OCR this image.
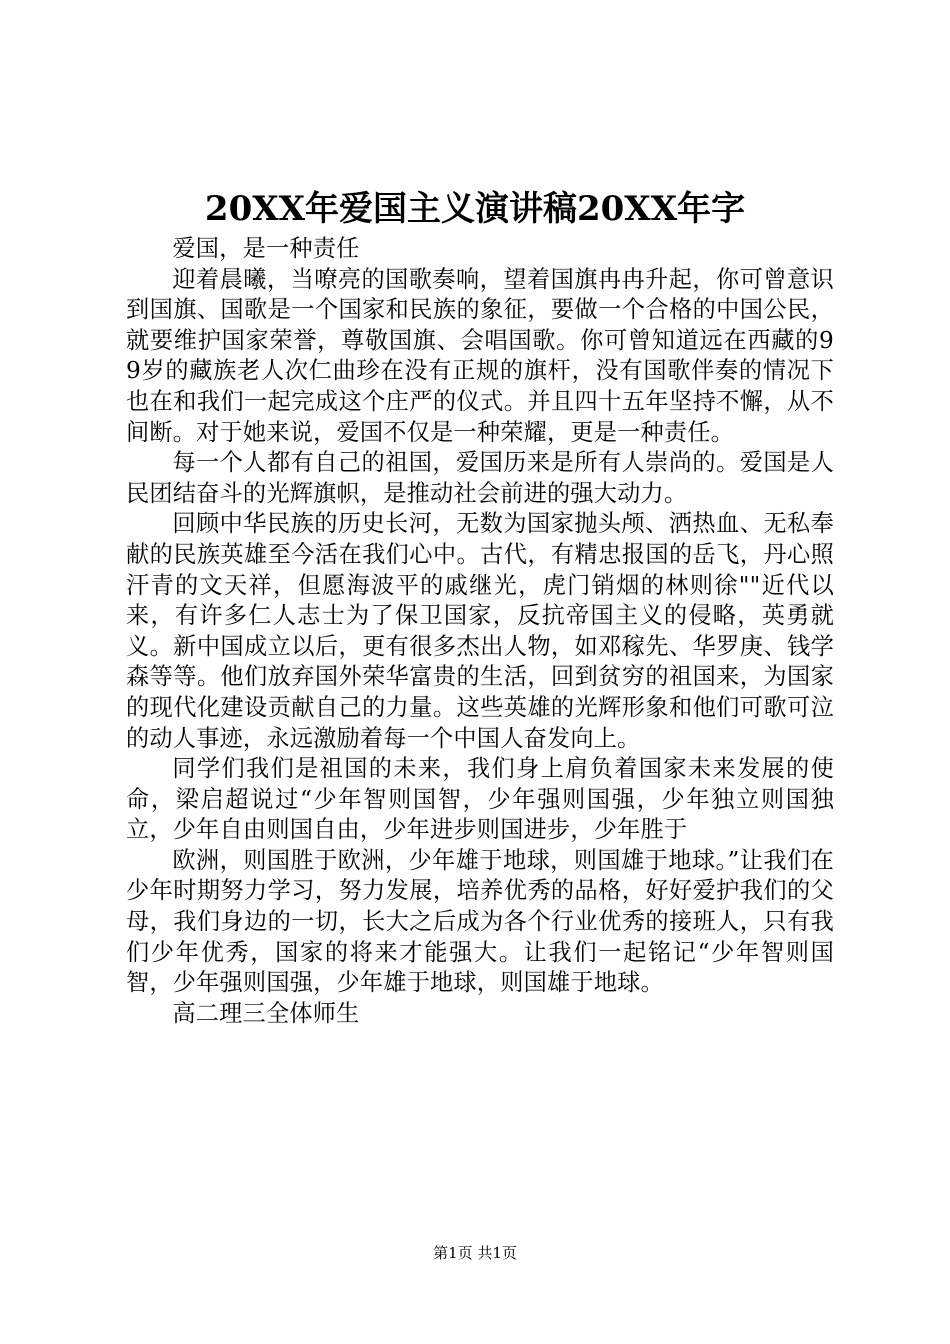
20XX年爱国主义演讲稿20XX年字

爱国，是一种责任

迎着晨曦，当嘹亮的国歌奏响，望着国旗冉冉升起，你可曾意识到国旗、国歌是一个国家和民族的象征，要做一个合格的中国公民，就要维护国家荣誉，尊敬国旗、会唱国歌。你可曾知道远在西藏的99岁的藏族老人次仁曲珍在没有正规的旗杆，没有国歌伴奏的情况下也在和我们一起完成这个庄严的仪式。并且四十五年坚持不懈，从不间断。对于她来说，爱国不仅是一种荣耀，更是一种责任。

每一个人都有自己的祖国，爱国历来是所有人崇尚的。爱国是人民团结奋斗的光辉旗帜，是推动社会前进的强大动力。

回顾中华民族的历史长河，无数为国家抛头颅、洒热血、无私奉献的民族英雄至今活在我们心中。古代，有精忠报国的岳飞，丹心照汗青的文天祥，但愿海波平的戚继光，虎门销烟的林则徐""近代以来，有许多仁人志士为了保卫国家，反抗帝国主义的侵略，英勇就义。新中国成立以后，更有很多杰出人物，如邓稼先、华罗庚、钱学森等等。他们放弃国外荣华富贵的生活，回到贫穷的祖国来，为国家的现代化建设贡献自己的力量。这些英雄的光辉形象和他们可歌可泣的动人事迹，永远激励着每一个中国人奋发向上。

同学们我们是祖国的未来，我们身上肩负着国家未来发展的使命，梁启超说过“少年智则国智，少年强则国强，少年独立则国独立，少年自由则国自由，少年进步则国进步，少年胜于

欧洲，则国胜于欧洲，少年雄于地球，则国雄于地球。”让我们在少年时期努力学习，努力发展，培养优秀的品格，好好爱护我们的父母，我们身边的一切，长大之后成为各个行业优秀的接班人，只有我们少年优秀，国家的将来才能强大。让我们一起铭记“少年智则国智，少年强则国强，少年雄于地球，则国雄于地球。

高二理三全体师生

第1页 共1页
